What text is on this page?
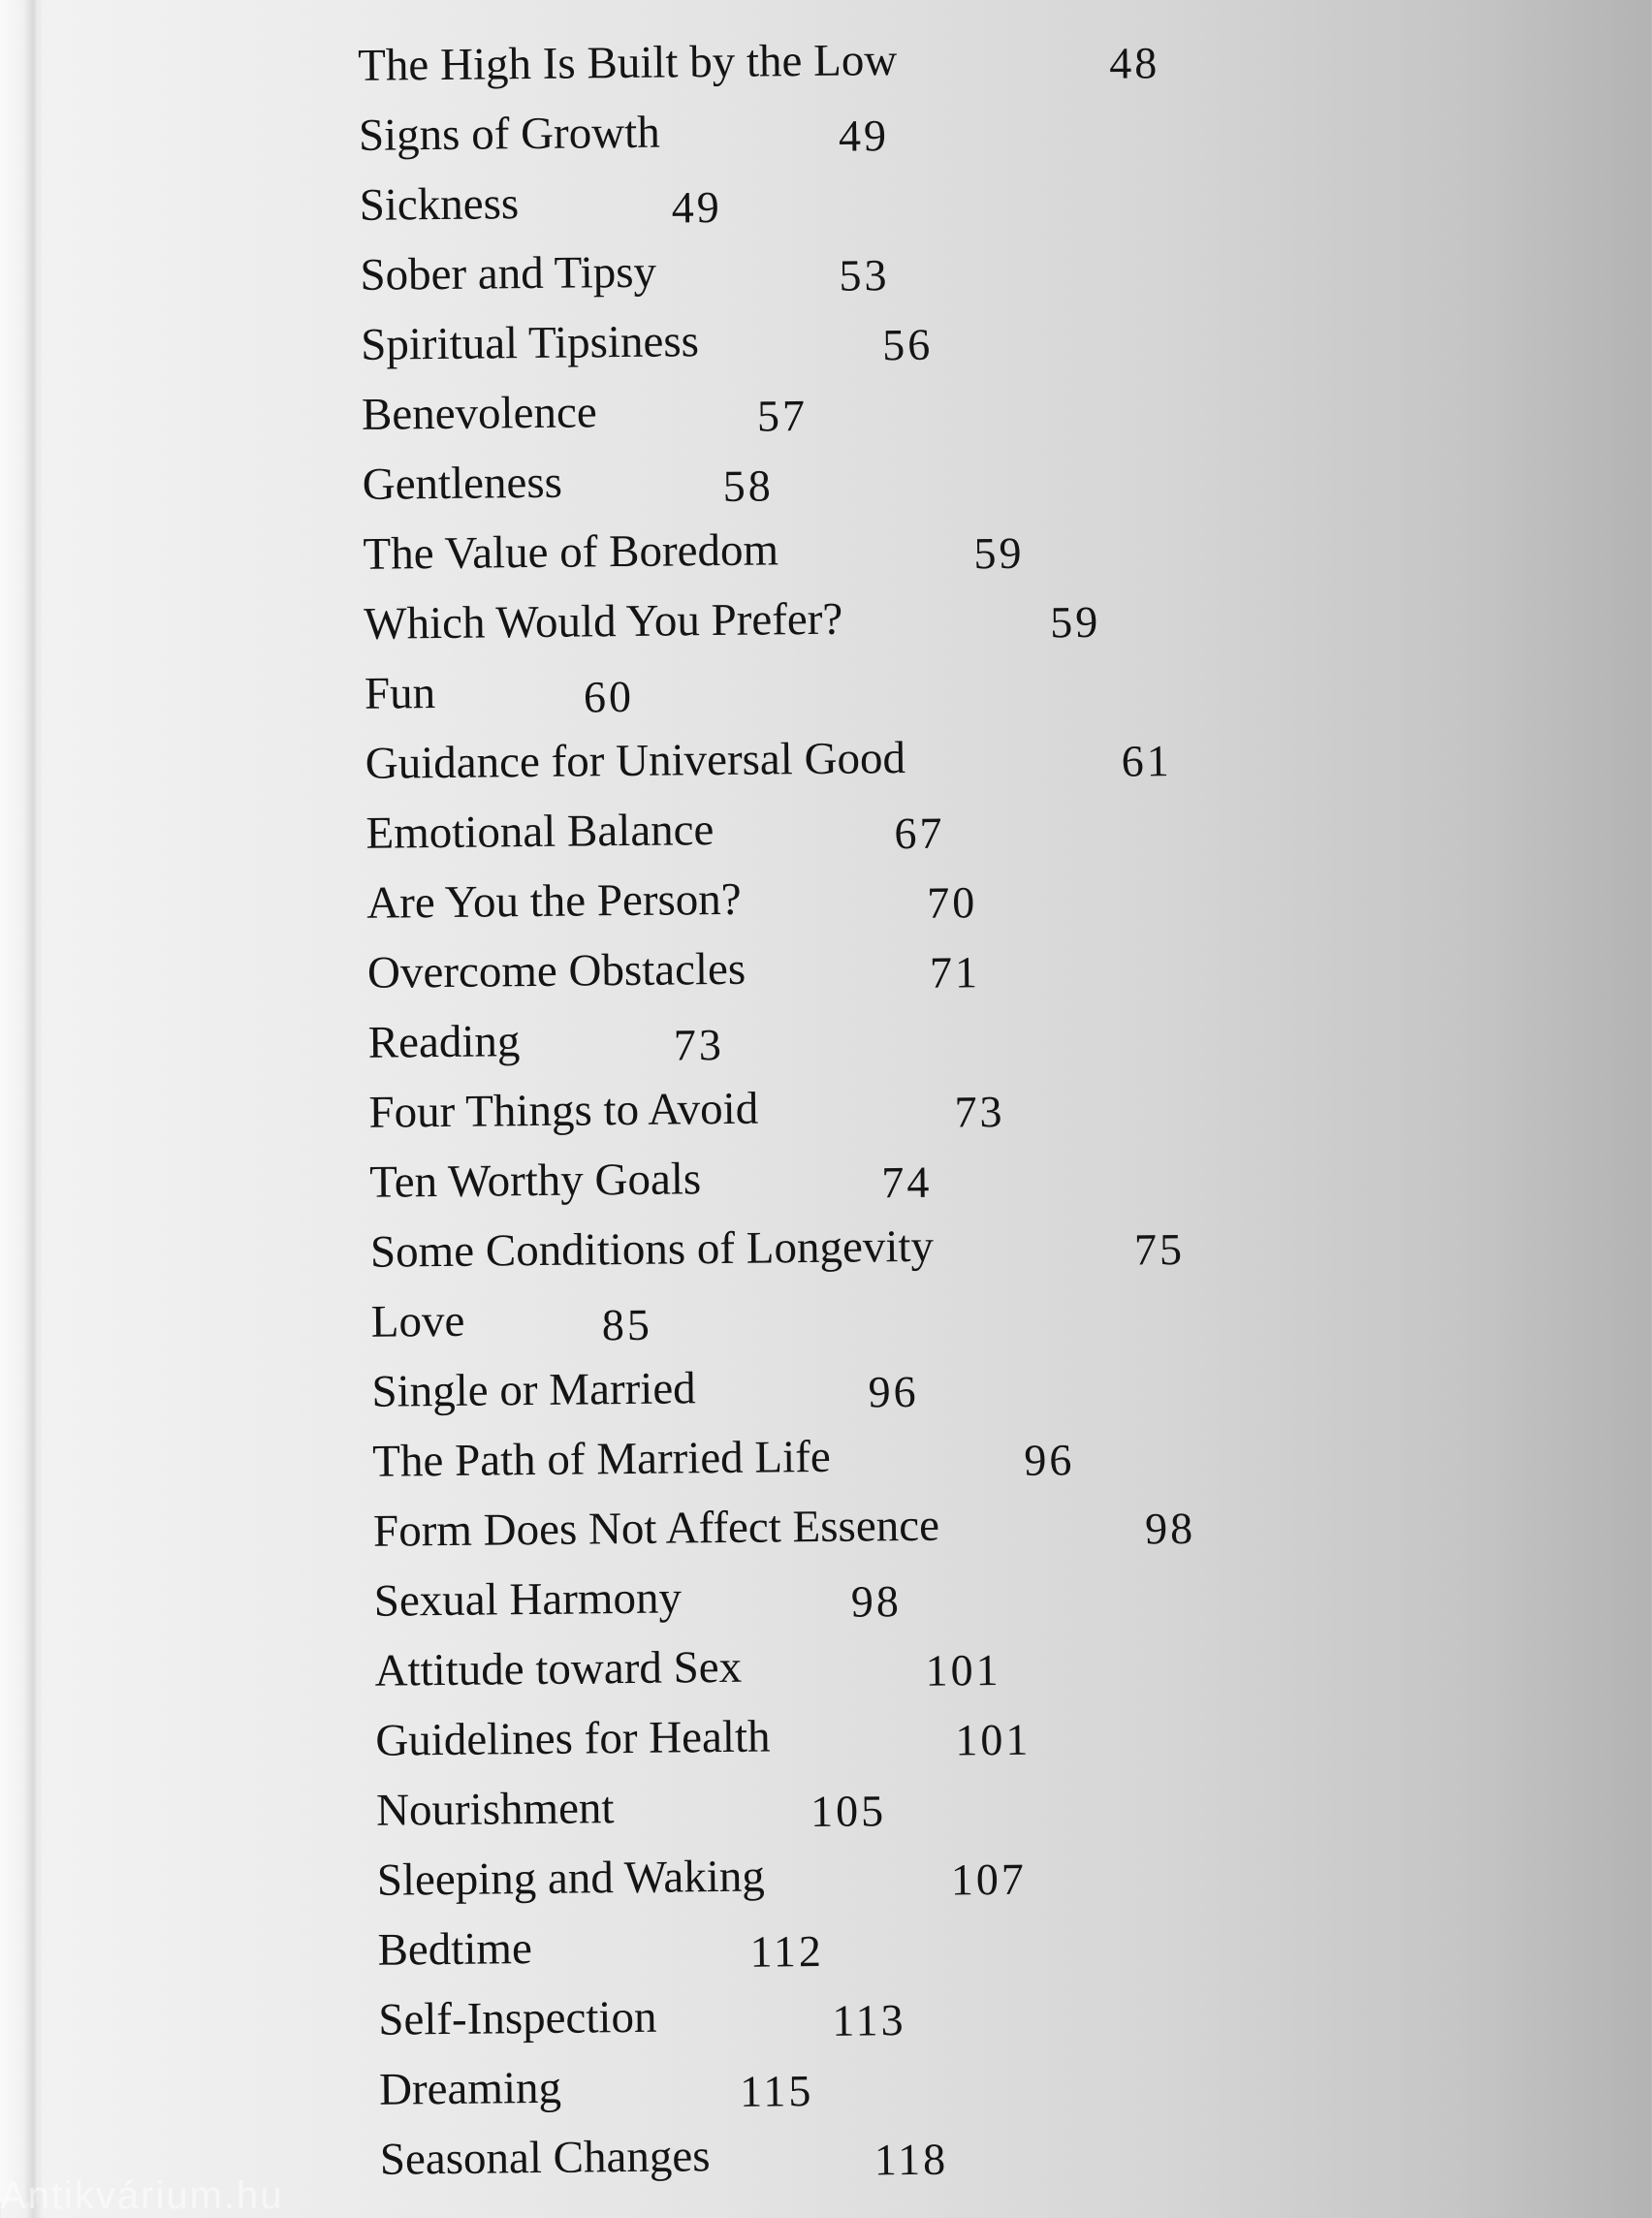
The High Is Built by the Low	48
Signs of Growth	49
Sickness	49
Sober and Tipsy	53
Spiritual Tipsiness	56
Benevolence	57
Gentleness	58
The Value of Boredom	59
Which Would You Prefer?	59
Fun	60
Guidance for Universal Good	61
Emotional Balance	67
Are You the Person?	70
Overcome Obstacles	71
Reading	73
Four Things to Avoid	73
Ten Worthy Goals	74
Some Conditions of Longevity	75
Love	85
Single or Married	96
The Path of Married Life	96
Form Does Not Affect Essence	98
Sexual Harmony	98
Attitude toward Sex	101
Guidelines for Health	101
Nourishment	105
Sleeping and Waking	107
Bedtime	112
Self-Inspection	113
Dreaming	115
Seasonal Changes	118
Antikvárium.hu
